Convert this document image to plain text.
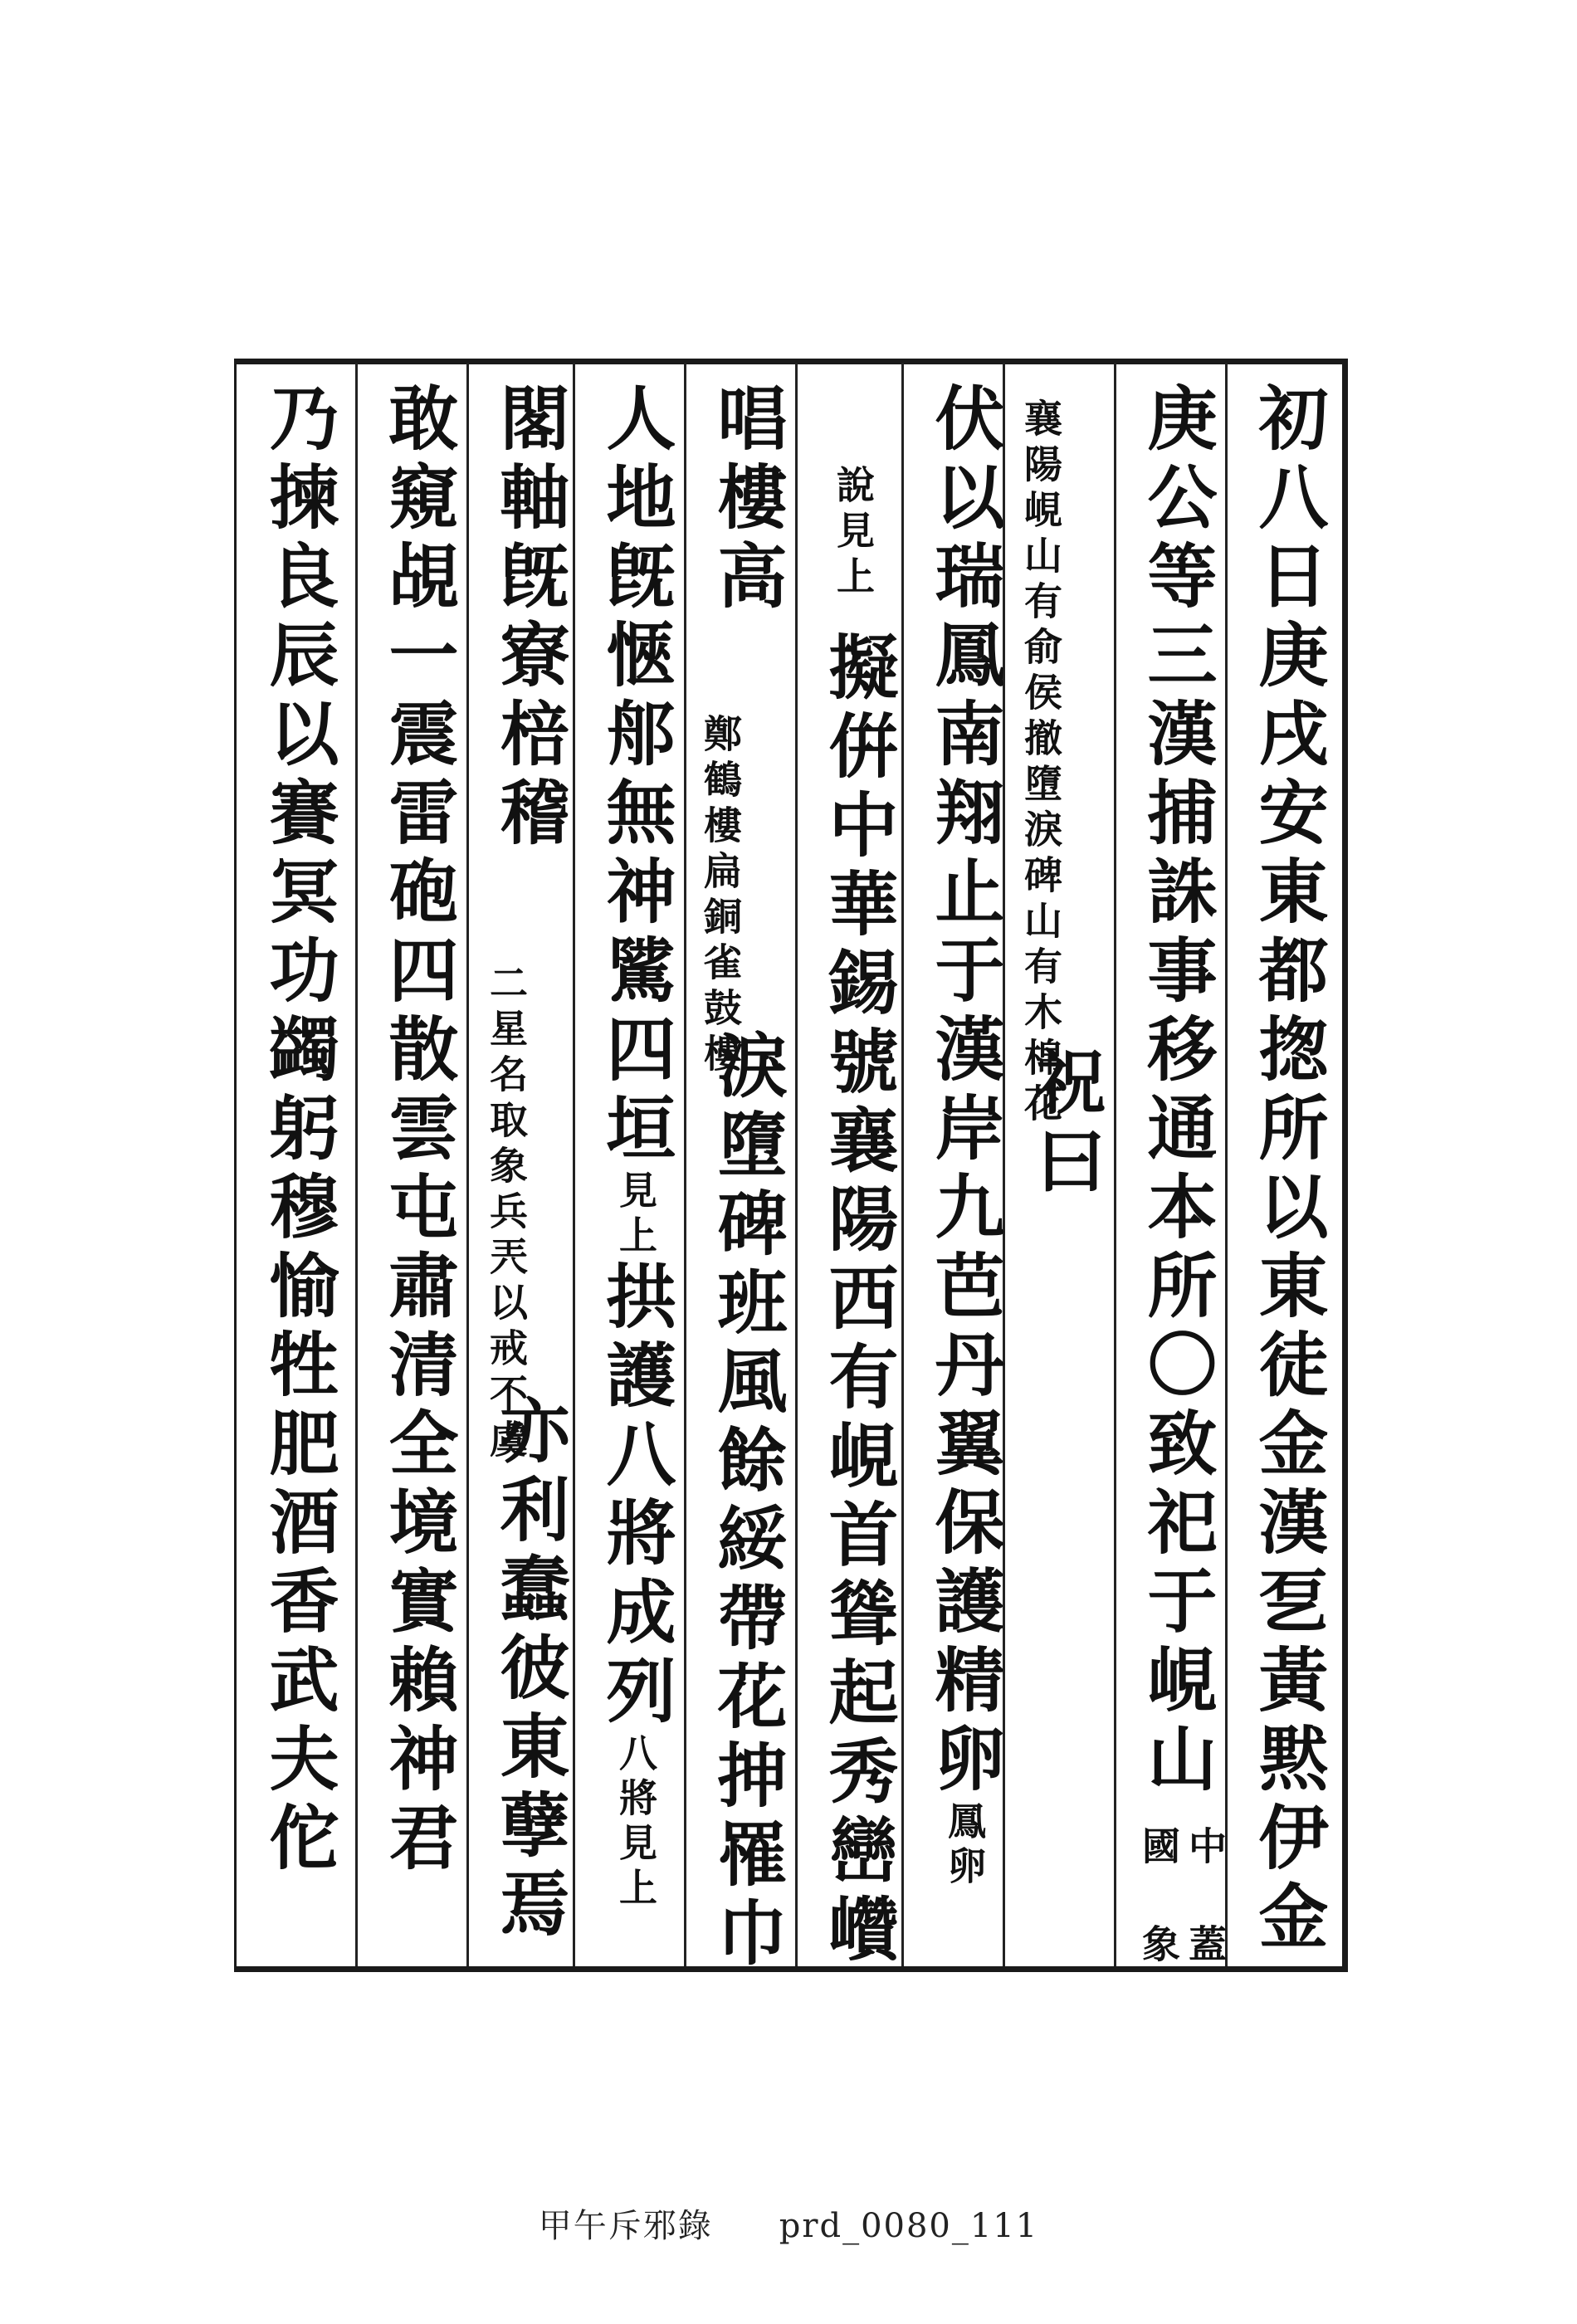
初八日庚戌安東都揔所以東徒金漢乭黃黙伊金
庚公等三漢捕誅事移通本所〇致祀于峴山
中 蓋
國 象
襄陽峴山有俞侯撤墮淚碑山有木棉花
祝曰
伏以瑞鳳南翔止于漢岸九芭丹翼保護精卵鳳卵
說見上
擬倂中華錫號襄陽西有峴首聳起秀巒巑
唱樓高
鄭鶴樓扁銅雀鼓樓
淚墮碑班風餘綏帶花抻罹巾
人地旣愜郍無神騭四垣見上拱護八將成列八將見上
閣軸旣寮棓稽
二星名取象兵兲以戒不虞
亦利蠢彼東孽焉
敢窺覘一震雷砲四散雲屯肅清全境實賴神君
乃揀良辰以賽冥功蠲躬穆愉牲肥酒香武夫佗
甲午斥邪錄 prd_0080_111
